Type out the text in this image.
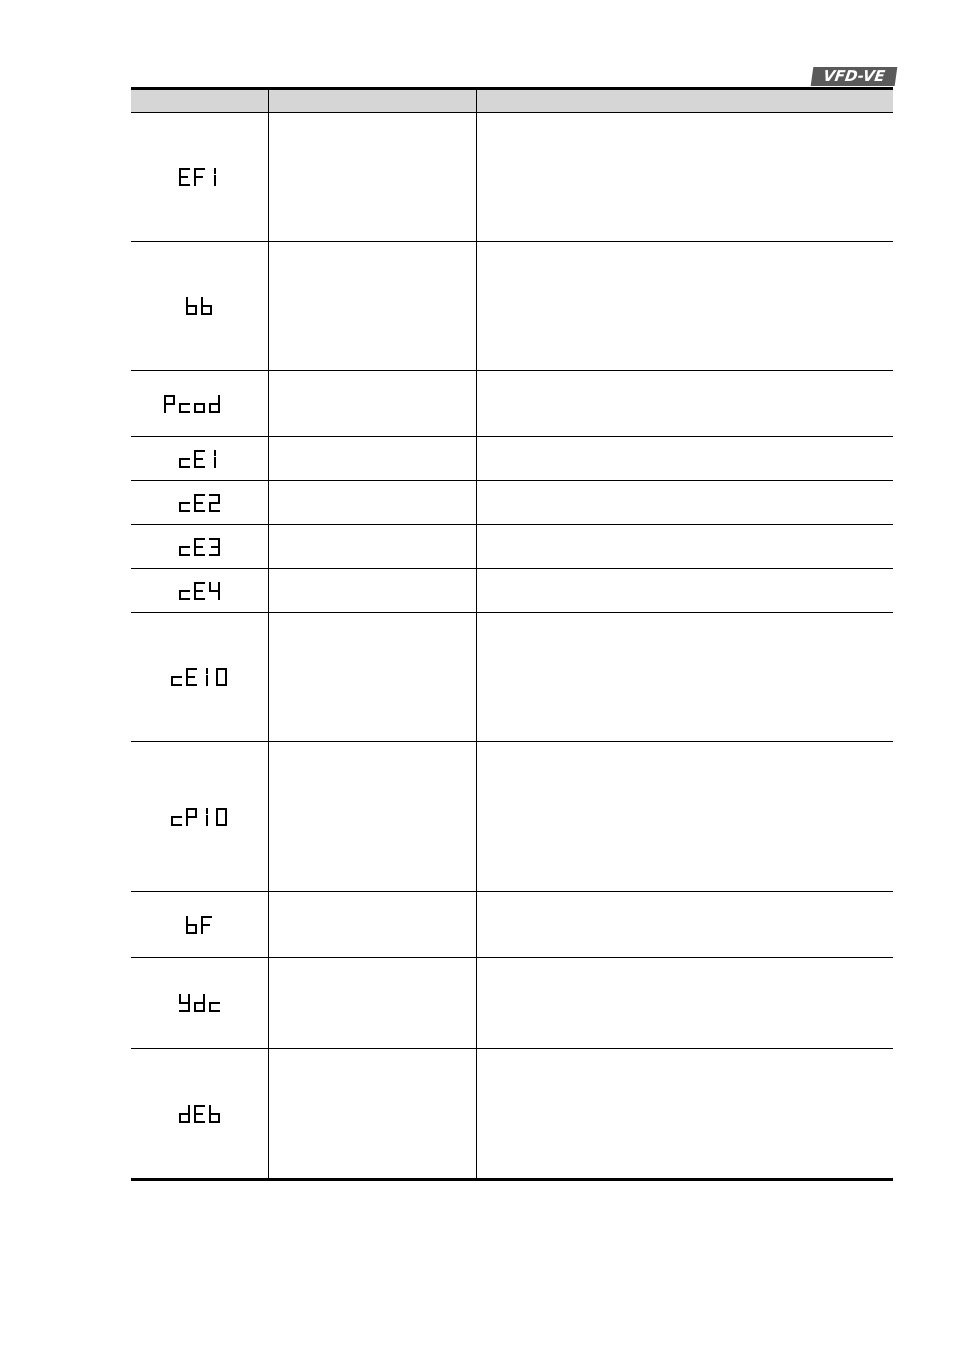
VFD-VE
